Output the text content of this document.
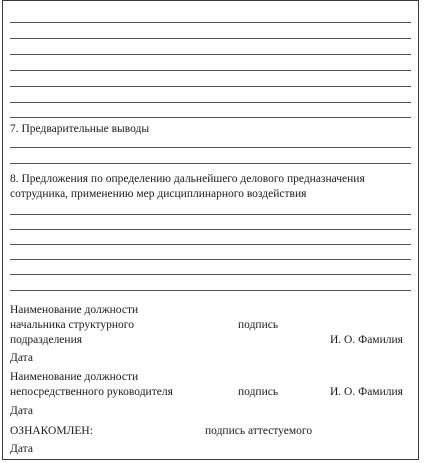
7. Предварительные выводы
8. Предложения по определению дальнейшего делового предназначения
сотрудника, применению мер дисциплинарного воздействия
Наименование должности
начальника структурного	подпись
подразделения	И. О. Фамилия
Дата
Наименование должности
непосредственного руководителя	подпись	И. О. Фамилия
Дата
ОЗНАКОМЛЕН:	подпись аттестуемого
Дата
